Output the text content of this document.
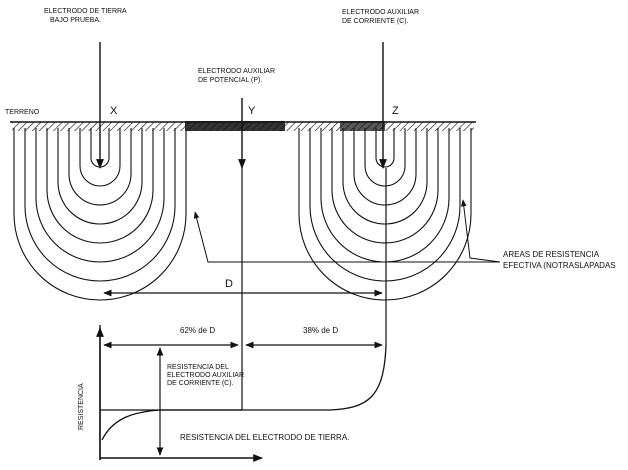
ELECTRODO DE TIERRA
BAJO PRUEBA.
ELECTRODO AUXILIAR
DE CORRIENTE (C).
ELECTRODO AUXILIAR
DE POTENCIAL (P).
TERRENO	X	Y	Z
AREAS DE RESISTENCIA
EFECTIVA (NOTRASLAPADAS
D
62% de D	38% de D
RESISTENCIA DEL
ELECTRODO AUXILIAR
DE CORRIENTE (C).
RESISTENCIA
RESISTENCIA DEL ELECTRODO DE TIERRA.
